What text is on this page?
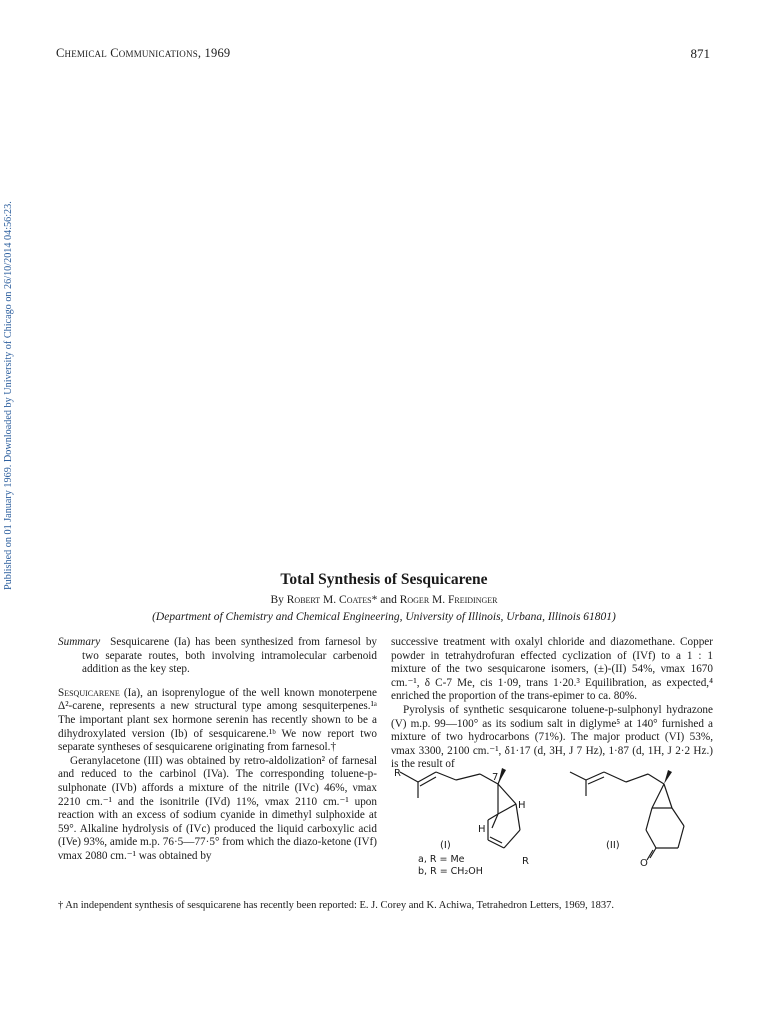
Chemical Communications, 1969	871
Published on 01 January 1969. Downloaded by University of Chicago on 26/10/2014 04:56:23.	Total Synthesis of Sesquicarene
By Robert M. Coates* and Roger M. Freidinger
(Department of Chemistry and Chemical Engineering, University of Illinois, Urbana, Illinois 61801)

Summary Sesquicarene (Ia) has been synthesized from farnesol by two separate routes, both involving intramolecular carbenoid addition as the key step.

Sesquicarene (Ia), an isoprenylogue of the well known monoterpene Δ²-carene, represents a new structural type among sesquiterpenes.¹ᵃ The important plant sex hormone serenin has recently shown to be a dihydroxylated version (Ib) of sesquicarene.¹ᵇ We now report two separate syntheses of sesquicarene originating from farnesol.†

Geranylacetone (III) was obtained by retro-aldolization² of farnesal and reduced to the carbinol (IVa). The corresponding toluene-p-sulphonate (IVb) affords a mixture of the nitrile (IVc) 46%, νmax 2210 cm.⁻¹ and the isonitrile (IVd) 11%, νmax 2110 cm.⁻¹ upon reaction with an excess of sodium cyanide in dimethyl sulphoxide at 59°. Alkaline hydrolysis of (IVc) produced the liquid carboxylic acid (IVe) 93%, amide m.p. 76·5—77·5° from which the diazo-ketone (IVf) νmax 2080 cm.⁻¹ was obtained by

successive treatment with oxalyl chloride and diazomethane. Copper powder in tetrahydrofuran effected cyclization of (IVf) to a 1 : 1 mixture of the two sesquicarone isomers, (±)-(II) 54%, νmax 1670 cm.⁻¹, δ C-7 Me, cis 1·09, trans 1·20.³ Equilibration, as expected,⁴ enriched the proportion of the trans-epimer to ca. 80%.

Pyrolysis of synthetic sesquicarone toluene-p-sulphonyl hydrazone (V) m.p. 99—100° as its sodium salt in diglyme⁵ at 140° furnished a mixture of two hydrocarbons (71%). The major product (VI) 53%, νmax 3300, 2100 cm.⁻¹, δ1·17 (d, 3H, J 7 Hz), 1·87 (d, 1H, J 2·2 Hz.) is the result of

7
H
H
R
R
(I)
a, R = Me
b, R = CH₂OH
O
(II)
† An independent synthesis of sesquicarene has recently been reported: E. J. Corey and K. Achiwa, Tetrahedron Letters, 1969, 1837.
